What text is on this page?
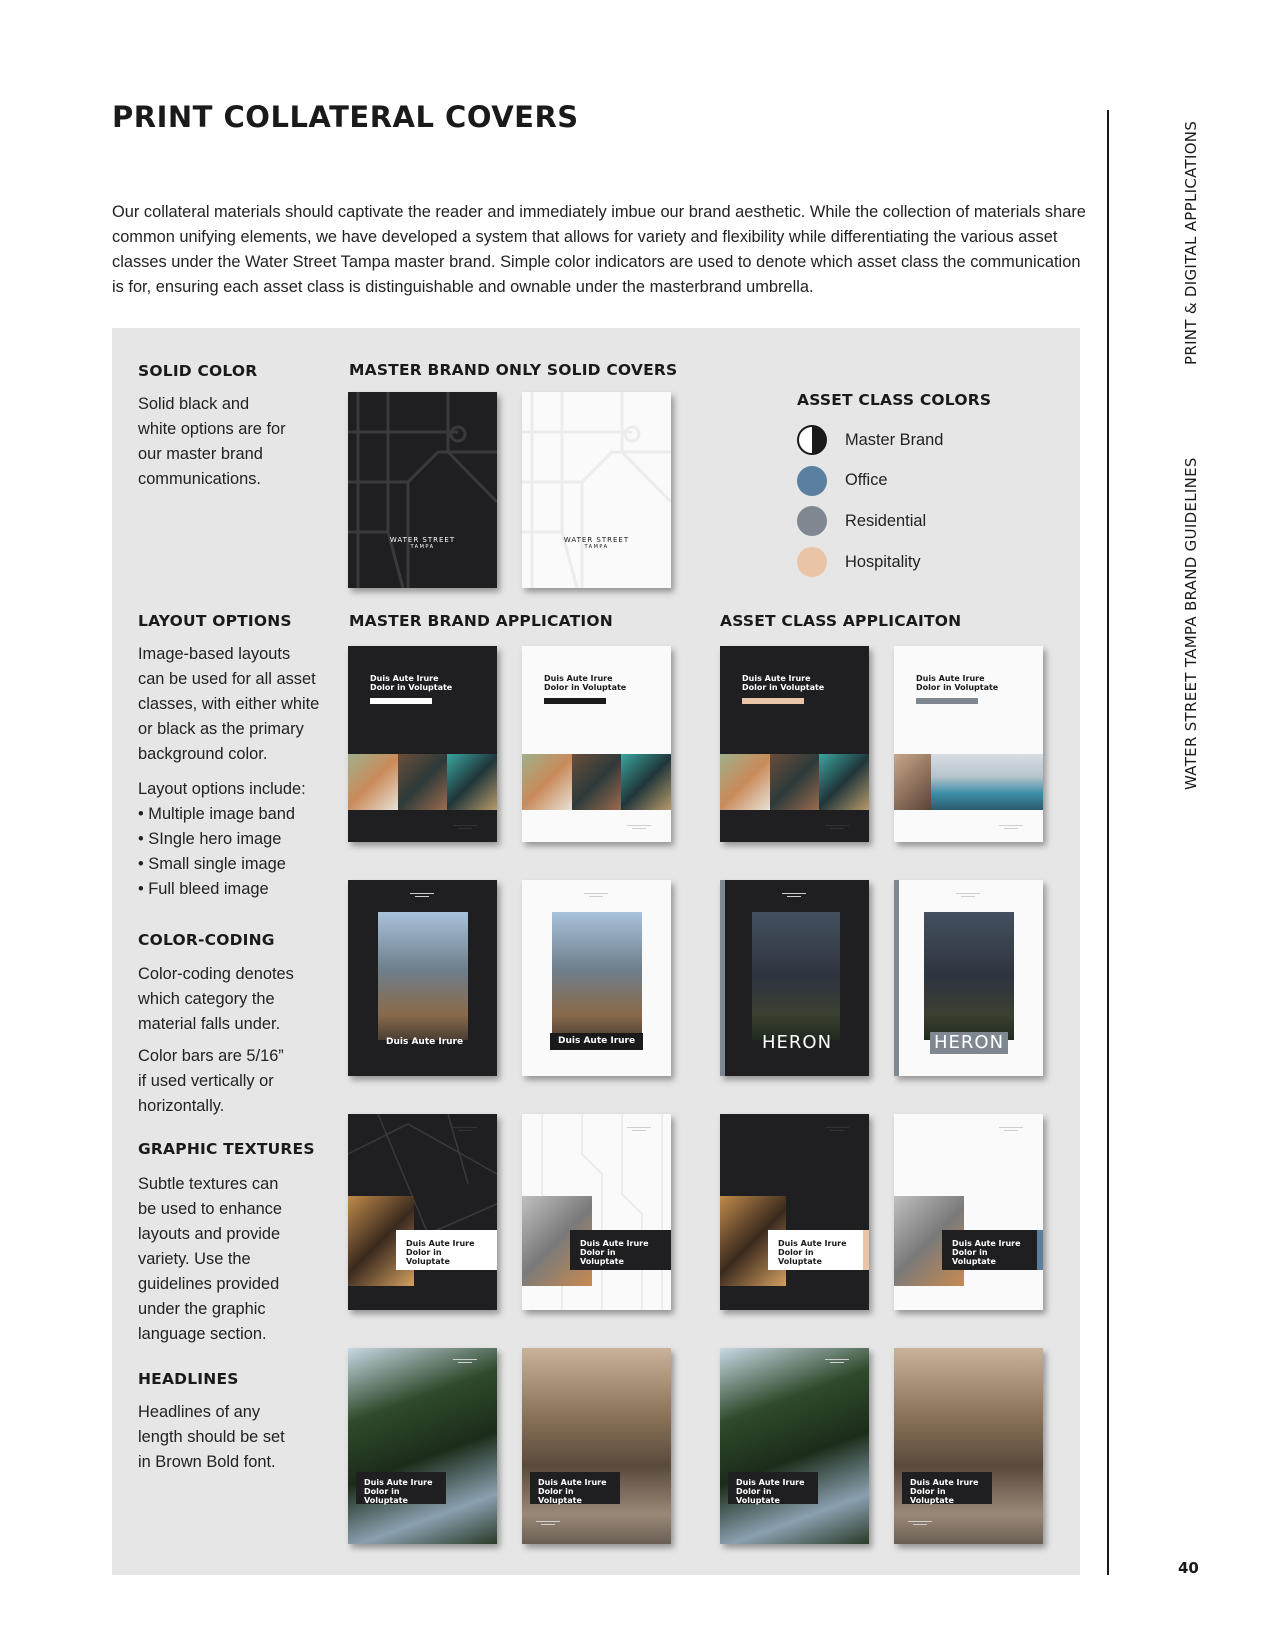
PRINT COLLATERAL COVERS
Our collateral materials should captivate the reader and immediately imbue our brand aesthetic. While the collection of materials share common unifying elements, we have developed a system that allows for variety and flexibility while differentiating the various asset classes under the Water Street Tampa master brand. Simple color indicators are used to denote which asset class the communication is for, ensuring each asset class is distinguishable and ownable under the masterbrand umbrella.	PRINT & DIGITAL APPLICATIONS
WATER STREET TAMPA BRAND GUIDELINES
40
SOLID COLOR
Solid black and
white options are for
our master brand
communications.
LAYOUT OPTIONS
Image-based layouts
can be used for all asset
classes, with either white
or black as the primary
background color.
Layout options include:
• Multiple image band
• SIngle hero image
• Small single image
• Full bleed image
COLOR-CODING
Color-coding denotes
which category the
material falls under.
Color bars are 5/16”
if used vertically or
horizontally.
GRAPHIC TEXTURES
Subtle textures can
be used to enhance
layouts and provide
variety. Use the
guidelines provided
under the graphic
language section.
HEADLINES
Headlines of any
length should be set
in Brown Bold font.
MASTER BRAND ONLY SOLID COVERS
ASSET CLASS COLORS
MASTER BRAND APPLICATION	ASSET CLASS APPLICAITON
Master Brand
Office
Residential
Hospitality
WATER STREET
TAMPA
WATER STREET
TAMPA
Duis Aute Irure
Dolor in Voluptate
Duis Aute Irure
Dolor in Voluptate
Duis Aute Irure
Dolor in Voluptate
Duis Aute Irure
Dolor in Voluptate
Duis Aute Irure	Duis Aute Irure	HERON	HERON
Duis Aute Irure
Dolor in Voluptate
Duis Aute Irure
Dolor in Voluptate
Duis Aute Irure
Dolor in Voluptate
Duis Aute Irure
Dolor in Voluptate
Duis Aute Irure
Dolor in Voluptate
Duis Aute Irure
Dolor in Voluptate
Duis Aute Irure
Dolor in Voluptate
Duis Aute Irure
Dolor in Voluptate
